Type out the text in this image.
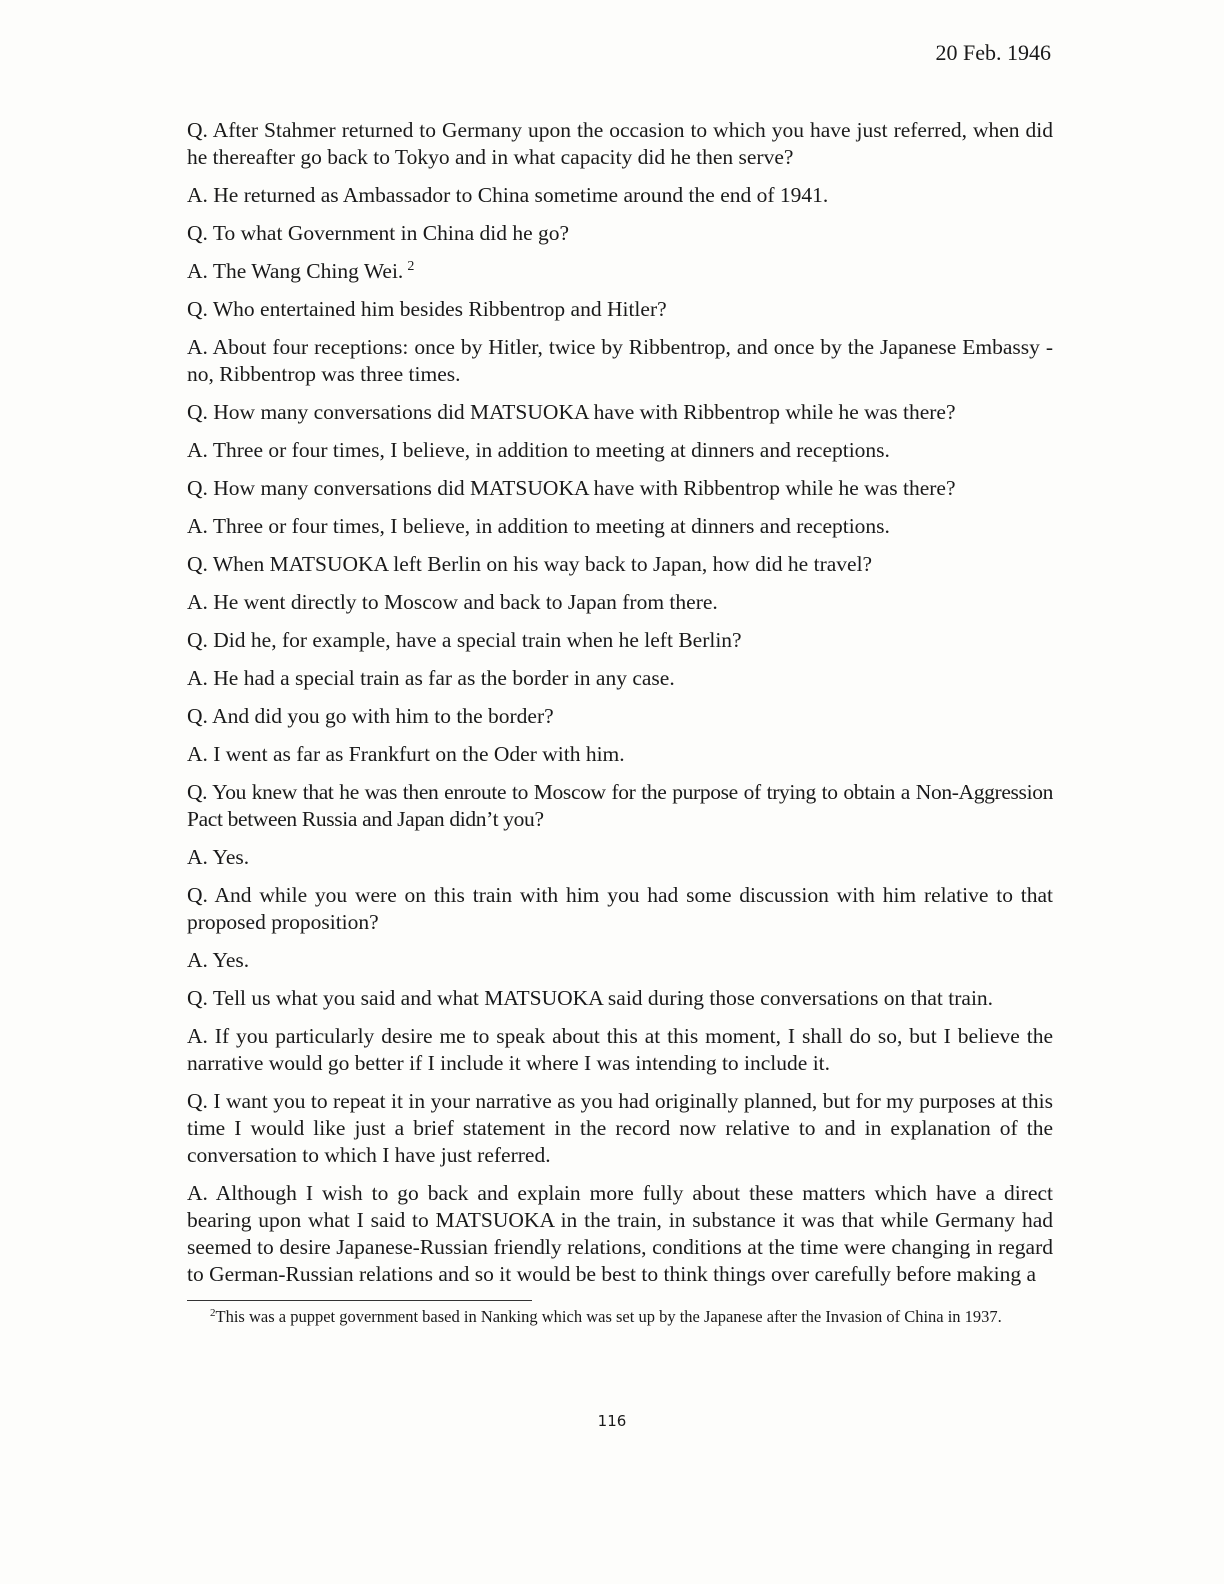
20 Feb. 1946

Q. After Stahmer returned to Germany upon the occasion to which you have just referred, when did he thereafter go back to Tokyo and in what capacity did he then serve?

A. He returned as Ambassador to China sometime around the end of 1941.

Q. To what Government in China did he go?

A. The Wang Ching Wei. $^2$

Q. Who entertained him besides Ribbentrop and Hitler?

A. About four receptions: once by Hitler, twice by Ribbentrop, and once by the Japanese Embassy - no, Ribbentrop was three times.

Q. How many conversations did MATSUOKA have with Ribbentrop while he was there?

A. Three or four times, I believe, in addition to meeting at dinners and receptions.

Q. How many conversations did MATSUOKA have with Ribbentrop while he was there?

A. Three or four times, I believe, in addition to meeting at dinners and receptions.

Q. When MATSUOKA left Berlin on his way back to Japan, how did he travel?

A. He went directly to Moscow and back to Japan from there.

Q. Did he, for example, have a special train when he left Berlin?

A. He had a special train as far as the border in any case.

Q. And did you go with him to the border?

A. I went as far as Frankfurt on the Oder with him.

Q. You knew that he was then enroute to Moscow for the purpose of trying to obtain a Non-Aggression Pact between Russia and Japan didn’t you?

A. Yes.

Q. And while you were on this train with him you had some discussion with him relative to that proposed proposition?

A. Yes.

Q. Tell us what you said and what MATSUOKA said during those conversations on that train.

A. If you particularly desire me to speak about this at this moment, I shall do so, but I believe the narrative would go better if I include it where I was intending to include it.

Q. I want you to repeat it in your narrative as you had originally planned, but for my purposes at this time I would like just a brief statement in the record now relative to and in explanation of the conversation to which I have just referred.

A. Although I wish to go back and explain more fully about these matters which have a direct bearing upon what I said to MATSUOKA in the train, in substance it was that while Germany had seemed to desire Japanese-Russian friendly relations, conditions at the time were changing in regard to German-Russian relations and so it would be best to think things over carefully before making a

$^2$This was a puppet government based in Nanking which was set up by the Japanese after the Invasion of China in 1937.
116
